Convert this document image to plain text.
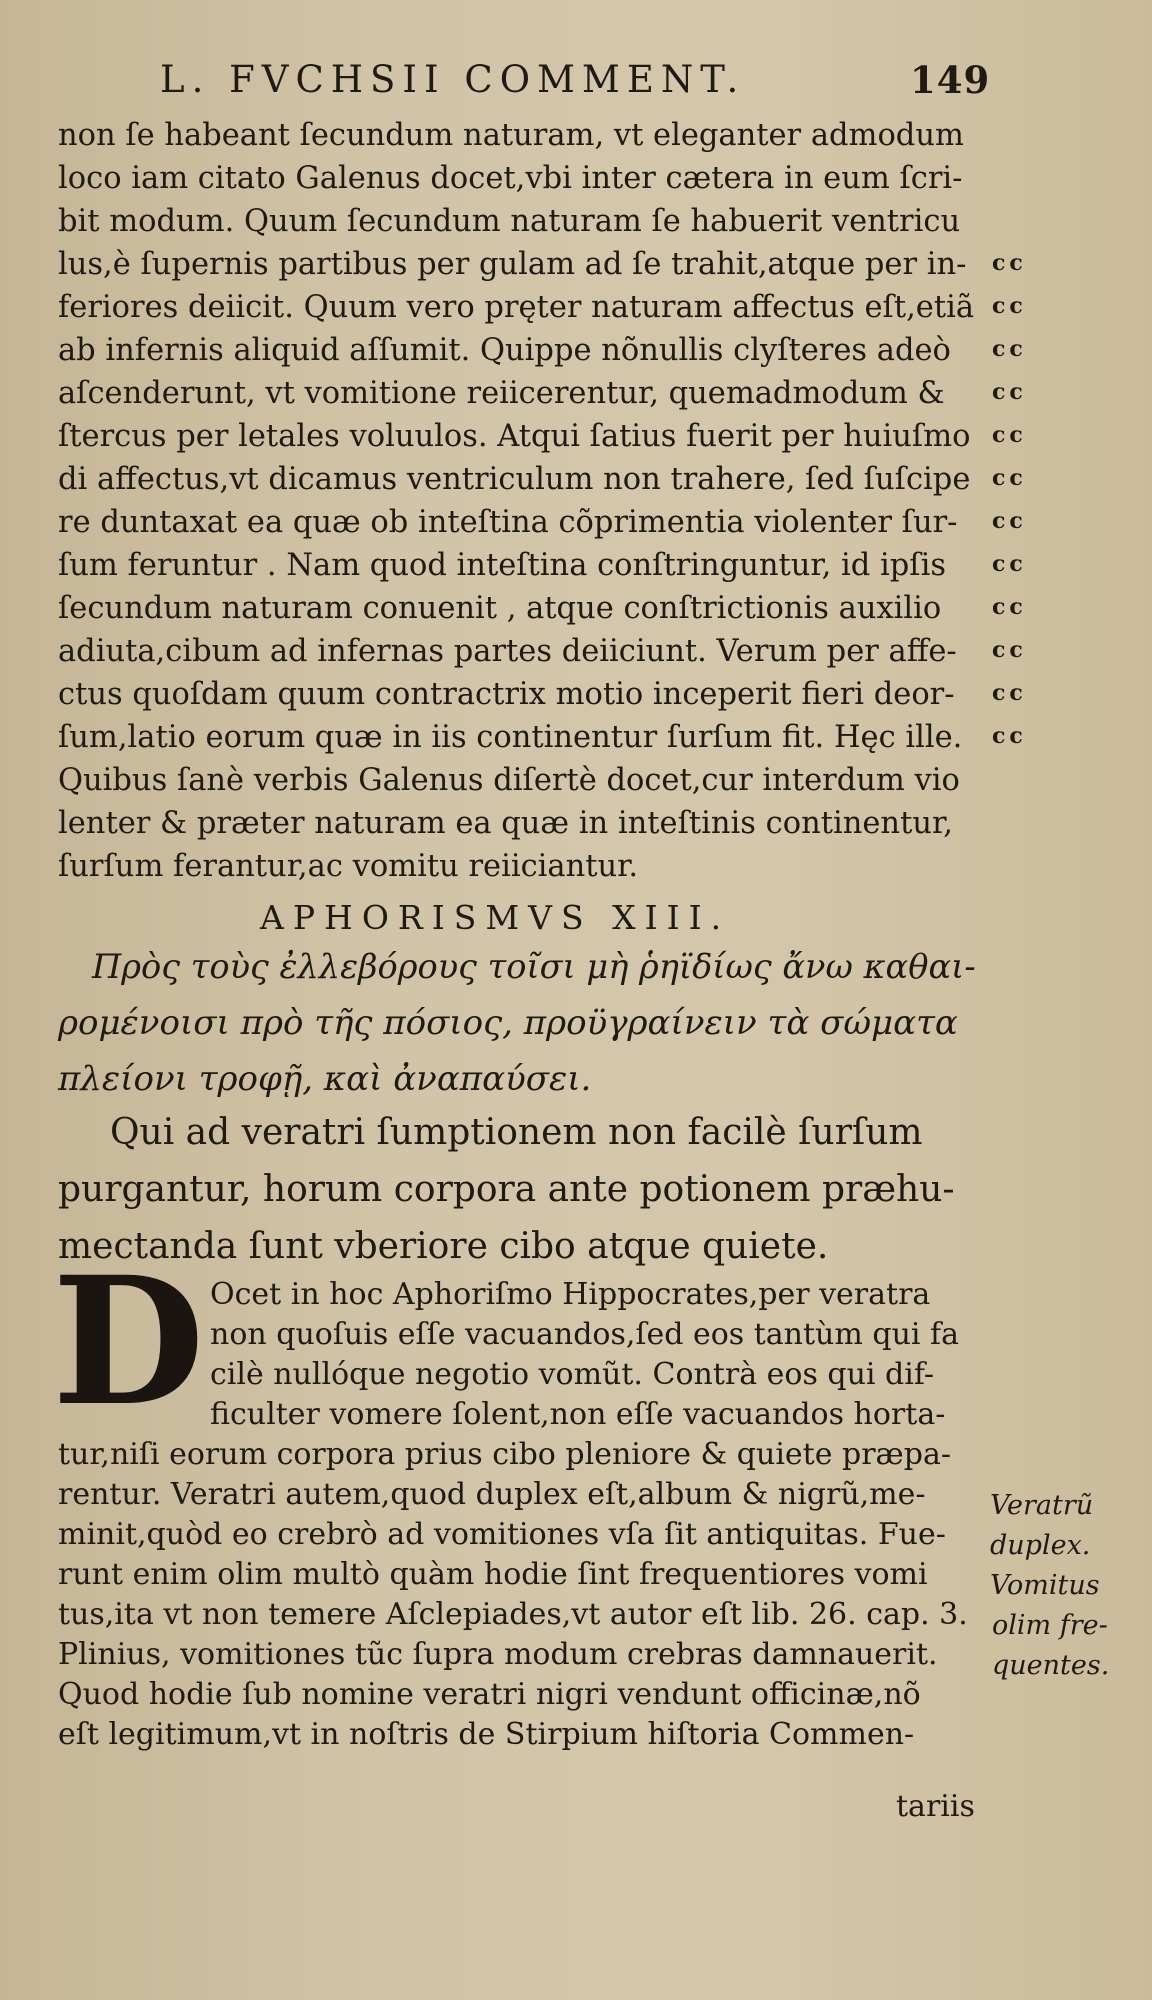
L. FVCHSII COMMENT.	149
non ſe habeant ſecundum naturam, vt eleganter admodum
loco iam citato Galenus docet,vbi inter cætera in eum ſcri-
bit modum. Quum ſecundum naturam ſe habuerit ventricu
lus,è ſupernis partibus per gulam ad ſe trahit,atque per in-
feriores deiicit. Quum vero pręter naturam affectus eſt,etiã
ab infernis aliquid aſſumit. Quippe nõnullis clyſteres adeò
aſcenderunt, vt vomitione reiicerentur, quemadmodum &
ſtercus per letales voluulos. Atqui ſatius fuerit per huiuſmo
di affectus,vt dicamus ventriculum non trahere, ſed ſuſcipe
re duntaxat ea quæ ob inteſtina cõprimentia violenter ſur-
ſum feruntur . Nam quod inteſtina conſtringuntur, id ipſis
ſecundum naturam conuenit , atque conſtrictionis auxilio
adiuta,cibum ad infernas partes deiiciunt. Verum per affe-
ctus quoſdam quum contractrix motio inceperit fieri deor-
ſum,latio eorum quæ in iis continentur ſurſum fit. Hęc ille.
Quibus ſanè verbis Galenus diſertè docet,cur interdum vio
lenter & præter naturam ea quæ in inteſtinis continentur,
ſurſum ferantur,ac vomitu reiiciantur.
cc
cc
cc
cc
cc
cc
cc
cc
cc
cc
cc
cc
APHORISMVS XIII.
Πρὸς τοὺς ἐλλεβόρους τοῖσι μὴ ῥηϊδίως ἄνω καθαι-
ρομένοισι πρὸ τῆς πόσιος, προϋγραίνειν τὰ σώματα
πλείονι τροφῇ, καὶ ἀναπαύσει.
Qui ad veratri ſumptionem non facilè ſurſum
purgantur, horum corpora ante potionem præhu-
mectanda ſunt vberiore cibo atque quiete.
D Ocet in hoc Aphoriſmo Hippocrates,per veratra
non quoſuis eſſe vacuandos,ſed eos tantùm qui fa
cilè nullóque negotio vomũt. Contrà eos qui dif-
ficulter vomere ſolent,non eſſe vacuandos horta-
tur,niſi eorum corpora prius cibo pleniore & quiete præpa-
rentur. Veratri autem,quod duplex eſt,album & nigrũ,me-
minit,quòd eo crebrò ad vomitiones vſa ſit antiquitas. Fue-
runt enim olim multò quàm hodie ſint frequentiores vomi
tus,ita vt non temere Aſclepiades,vt autor eſt lib. 26. cap. 3.
Plinius, vomitiones tũc ſupra modum crebras damnauerit.
Quod hodie ſub nomine veratri nigri vendunt officinæ,nõ
eſt legitimum,vt in noſtris de Stirpium hiſtoria Commen-
tariis
Veratrũ
duplex.
Vomitus
olim fre-
quentes.
